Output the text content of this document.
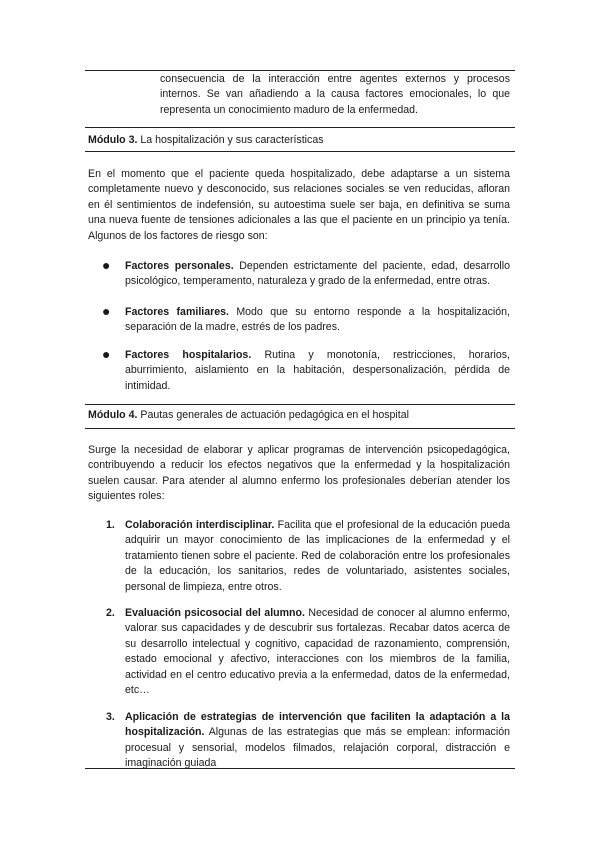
consecuencia de la interacción entre agentes externos y procesos internos. Se van añadiendo a la causa factores emocionales, lo que representa un conocimiento maduro de la enfermedad.
Módulo 3. La hospitalización y sus características
En el momento que el paciente queda hospitalizado, debe adaptarse a un sistema completamente nuevo y desconocido, sus relaciones sociales se ven reducidas, afloran en él sentimientos de indefensión, su autoestima suele ser baja, en definitiva se suma una nueva fuente de tensiones adicionales a las que el paciente en un principio ya tenía. Algunos de los factores de riesgo son:
● Factores personales. Dependen estrictamente del paciente, edad, desarrollo psicológico, temperamento, naturaleza y grado de la enfermedad, entre otras.
● Factores familiares. Modo que su entorno responde a la hospitalización, separación de la madre, estrés de los padres.
● Factores hospitalarios. Rutina y monotonía, restricciones, horarios, aburrimiento, aislamiento en la habitación, despersonalización, pérdida de intimidad.
Módulo 4. Pautas generales de actuación pedagógica en el hospital
Surge la necesidad de elaborar y aplicar programas de intervención psicopedagógica, contribuyendo a reducir los efectos negativos que la enfermedad y la hospitalización suelen causar. Para atender al alumno enfermo los profesionales deberían atender los siguientes roles:
1. Colaboración interdisciplinar. Facilita que el profesional de la educación pueda adquirir un mayor conocimiento de las implicaciones de la enfermedad y el tratamiento tienen sobre el paciente. Red de colaboración entre los profesionales de la educación, los sanitarios, redes de voluntariado, asistentes sociales, personal de limpieza, entre otros.
2. Evaluación psicosocial del alumno. Necesidad de conocer al alumno enfermo, valorar sus capacidades y de descubrir sus fortalezas. Recabar datos acerca de su desarrollo intelectual y cognitivo, capacidad de razonamiento, comprensión, estado emocional y afectivo, interacciones con los miembros de la familia, actividad en el centro educativo previa a la enfermedad, datos de la enfermedad, etc…
3. Aplicación de estrategias de intervención que faciliten la adaptación a la hospitalización. Algunas de las estrategias que más se emplean: información procesual y sensorial, modelos filmados, relajación corporal, distracción e imaginación guiada
